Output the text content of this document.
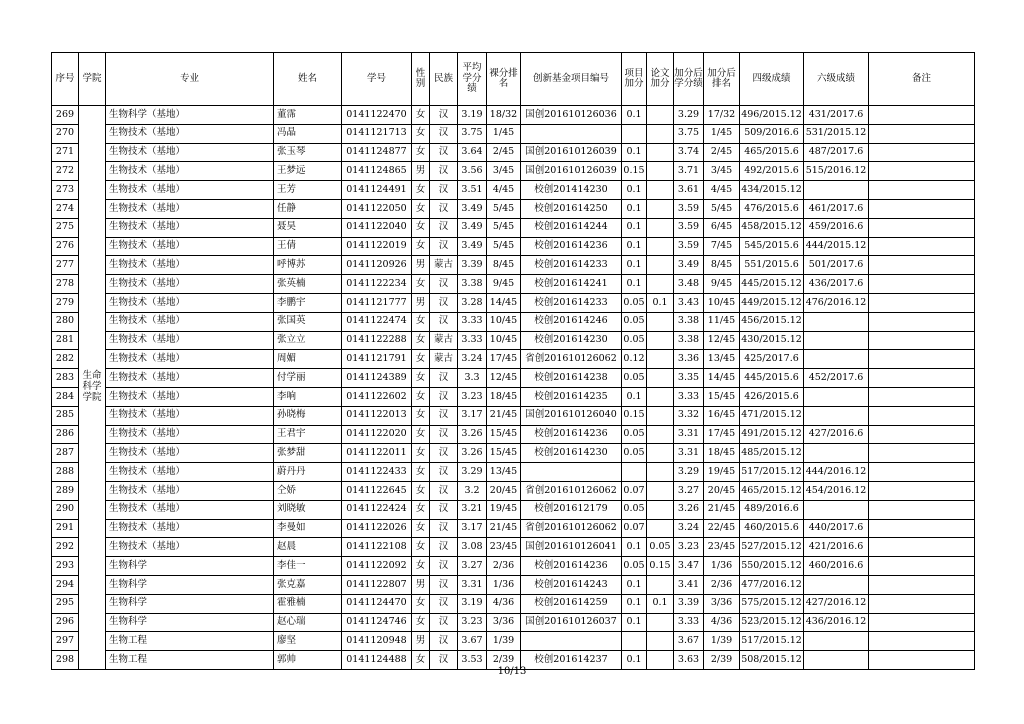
序号	学院	专业	姓名	学号	性别	民族	平均学分绩	裸分排名	创新基金项目编号	项目加分	论文加分	加分后学分绩	加分后排名	四级成绩	六级成绩	备注
269	生命科学学院	生物科学（基地）	董霈	0141122470	女	汉	3.19	18/32	国创201610126036	0.1		3.29	17/32	496/2015.12	431/2017.6	
270		生物技术（基地）	冯晶	0141121713	女	汉	3.75	1/45				3.75	1/45	509/2016.6	531/2015.12	
271		生物技术（基地）	张玉琴	0141124877	女	汉	3.64	2/45	国创201610126039	0.1		3.74	2/45	465/2015.6	487/2017.6	
272		生物技术（基地）	王梦远	0141124865	男	汉	3.56	3/45	国创201610126039	0.15		3.71	3/45	492/2015.6	515/2016.12	
273		生物技术（基地）	王芳	0141124491	女	汉	3.51	4/45	校创201414230	0.1		3.61	4/45	434/2015.12		
274		生物技术（基地）	任静	0141122050	女	汉	3.49	5/45	校创201614250	0.1		3.59	5/45	476/2015.6	461/2017.6	
275		生物技术（基地）	聂昊	0141122040	女	汉	3.49	5/45	校创201614244	0.1		3.59	6/45	458/2015.12	459/2016.6	
276		生物技术（基地）	王倩	0141122019	女	汉	3.49	5/45	校创201614236	0.1		3.59	7/45	545/2015.6	444/2015.12	
277		生物技术（基地）	呼博苏	0141120926	男	蒙古	3.39	8/45	校创201614233	0.1		3.49	8/45	551/2015.6	501/2017.6	
278		生物技术（基地）	张英楠	0141122234	女	汉	3.38	9/45	校创201614241	0.1		3.48	9/45	445/2015.12	436/2017.6	
279		生物技术（基地）	李鹏宇	0141121777	男	汉	3.28	14/45	校创201614233	0.05	0.1	3.43	10/45	449/2015.12	476/2016.12	
280		生物技术（基地）	张国英	0141122474	女	汉	3.33	10/45	校创201614246	0.05		3.38	11/45	456/2015.12		
281		生物技术（基地）	张立立	0141122288	女	蒙古	3.33	10/45	校创201614230	0.05		3.38	12/45	430/2015.12		
282		生物技术（基地）	周媚	0141121791	女	蒙古	3.24	17/45	省创201610126062	0.12		3.36	13/45	425/2017.6		
283		生物技术（基地）	付学丽	0141124389	女	汉	3.3	12/45	校创201614238	0.05		3.35	14/45	445/2015.6	452/2017.6	
284		生物技术（基地）	李响	0141122602	女	汉	3.23	18/45	校创201614235	0.1		3.33	15/45	426/2015.6		
285		生物技术（基地）	孙晓梅	0141122013	女	汉	3.17	21/45	国创201610126040	0.15		3.32	16/45	471/2015.12		
286		生物技术（基地）	王君宇	0141122020	女	汉	3.26	15/45	校创201614236	0.05		3.31	17/45	491/2015.12	427/2016.6	
287		生物技术（基地）	张梦甜	0141122011	女	汉	3.26	15/45	校创201614230	0.05		3.31	18/45	485/2015.12		
288		生物技术（基地）	蔚丹丹	0141122433	女	汉	3.29	13/45				3.29	19/45	517/2015.12	444/2016.12	
289		生物技术（基地）	仝娇	0141122645	女	汉	3.2	20/45	省创201610126062	0.07		3.27	20/45	465/2015.12	454/2016.12	
290		生物技术（基地）	刘晓敏	0141122424	女	汉	3.21	19/45	校创201612179	0.05		3.26	21/45	489/2016.6		
291		生物技术（基地）	李曼如	0141122026	女	汉	3.17	21/45	省创201610126062	0.07		3.24	22/45	460/2015.6	440/2017.6	
292		生物技术（基地）	赵晨	0141122108	女	汉	3.08	23/45	国创201610126041	0.1	0.05	3.23	23/45	527/2015.12	421/2016.6	
293		生物科学	李佳一	0141122092	女	汉	3.27	2/36	校创201614236	0.05	0.15	3.47	1/36	550/2015.12	460/2016.6	
294		生物科学	张克嘉	0141122807	男	汉	3.31	1/36	校创201614243	0.1		3.41	2/36	477/2016.12		
295		生物科学	霍雅楠	0141124470	女	汉	3.19	4/36	校创201614259	0.1	0.1	3.39	3/36	575/2015.12	427/2016.12	
296		生物科学	赵心瑞	0141124746	女	汉	3.23	3/36	国创201610126037	0.1		3.33	4/36	523/2015.12	436/2016.12	
297		生物工程	廖坚	0141120948	男	汉	3.67	1/39				3.67	1/39	517/2015.12		
298		生物工程	郭帅	0141124488	女	汉	3.53	2/39	校创201614237	0.1		3.63	2/39	508/2015.12		
10/13
